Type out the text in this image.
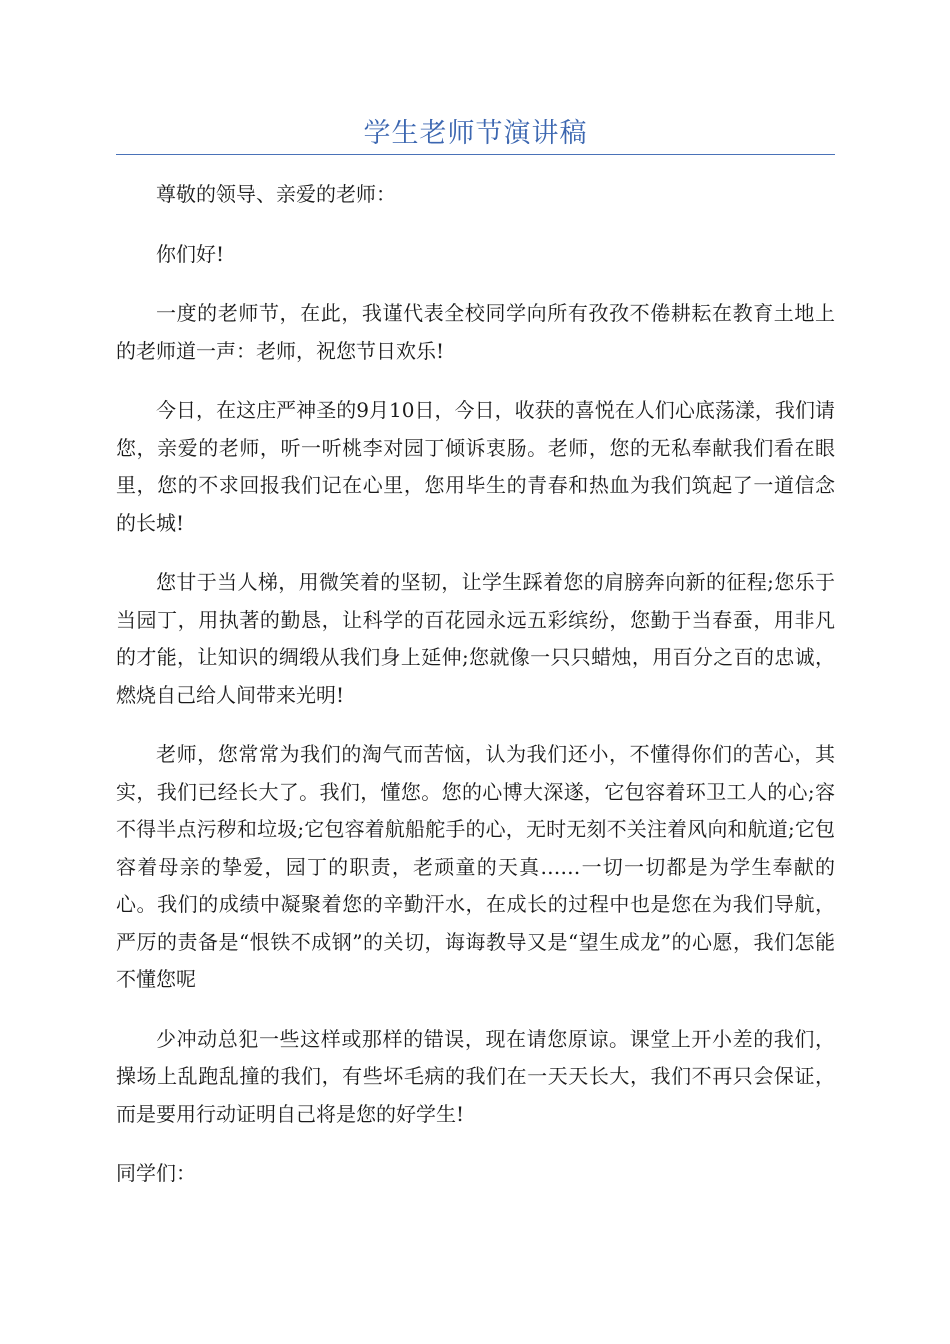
学生老师节演讲稿

尊敬的领导、亲爱的老师：

你们好!

一度的老师节，在此，我谨代表全校同学向所有孜孜不倦耕耘在教育土地上的老师道一声：老师，祝您节日欢乐!

今日，在这庄严神圣的9月10日，今日，收获的喜悦在人们心底荡漾，我们请您，亲爱的老师，听一听桃李对园丁倾诉衷肠。老师，您的无私奉献我们看在眼里，您的不求回报我们记在心里，您用毕生的青春和热血为我们筑起了一道信念的长城!

您甘于当人梯，用微笑着的坚韧，让学生踩着您的肩膀奔向新的征程;您乐于当园丁，用执著的勤恳，让科学的百花园永远五彩缤纷，您勤于当春蚕，用非凡的才能，让知识的绸缎从我们身上延伸;您就像一只只蜡烛，用百分之百的忠诚，燃烧自己给人间带来光明!

老师，您常常为我们的淘气而苦恼，认为我们还小，不懂得你们的苦心，其实，我们已经长大了。我们，懂您。您的心博大深遂，它包容着环卫工人的心;容不得半点污秽和垃圾;它包容着航船舵手的心，无时无刻不关注着风向和航道;它包容着母亲的挚爱，园丁的职责，老顽童的天真……一切一切都是为学生奉献的心。我们的成绩中凝聚着您的辛勤汗水，在成长的过程中也是您在为我们导航，严厉的责备是“恨铁不成钢”的关切，诲诲教导又是“望生成龙”的心愿，我们怎能不懂您呢

少冲动总犯一些这样或那样的错误，现在请您原谅。课堂上开小差的我们，操场上乱跑乱撞的我们，有些坏毛病的我们在一天天长大，我们不再只会保证，而是要用行动证明自己将是您的好学生!

同学们：
